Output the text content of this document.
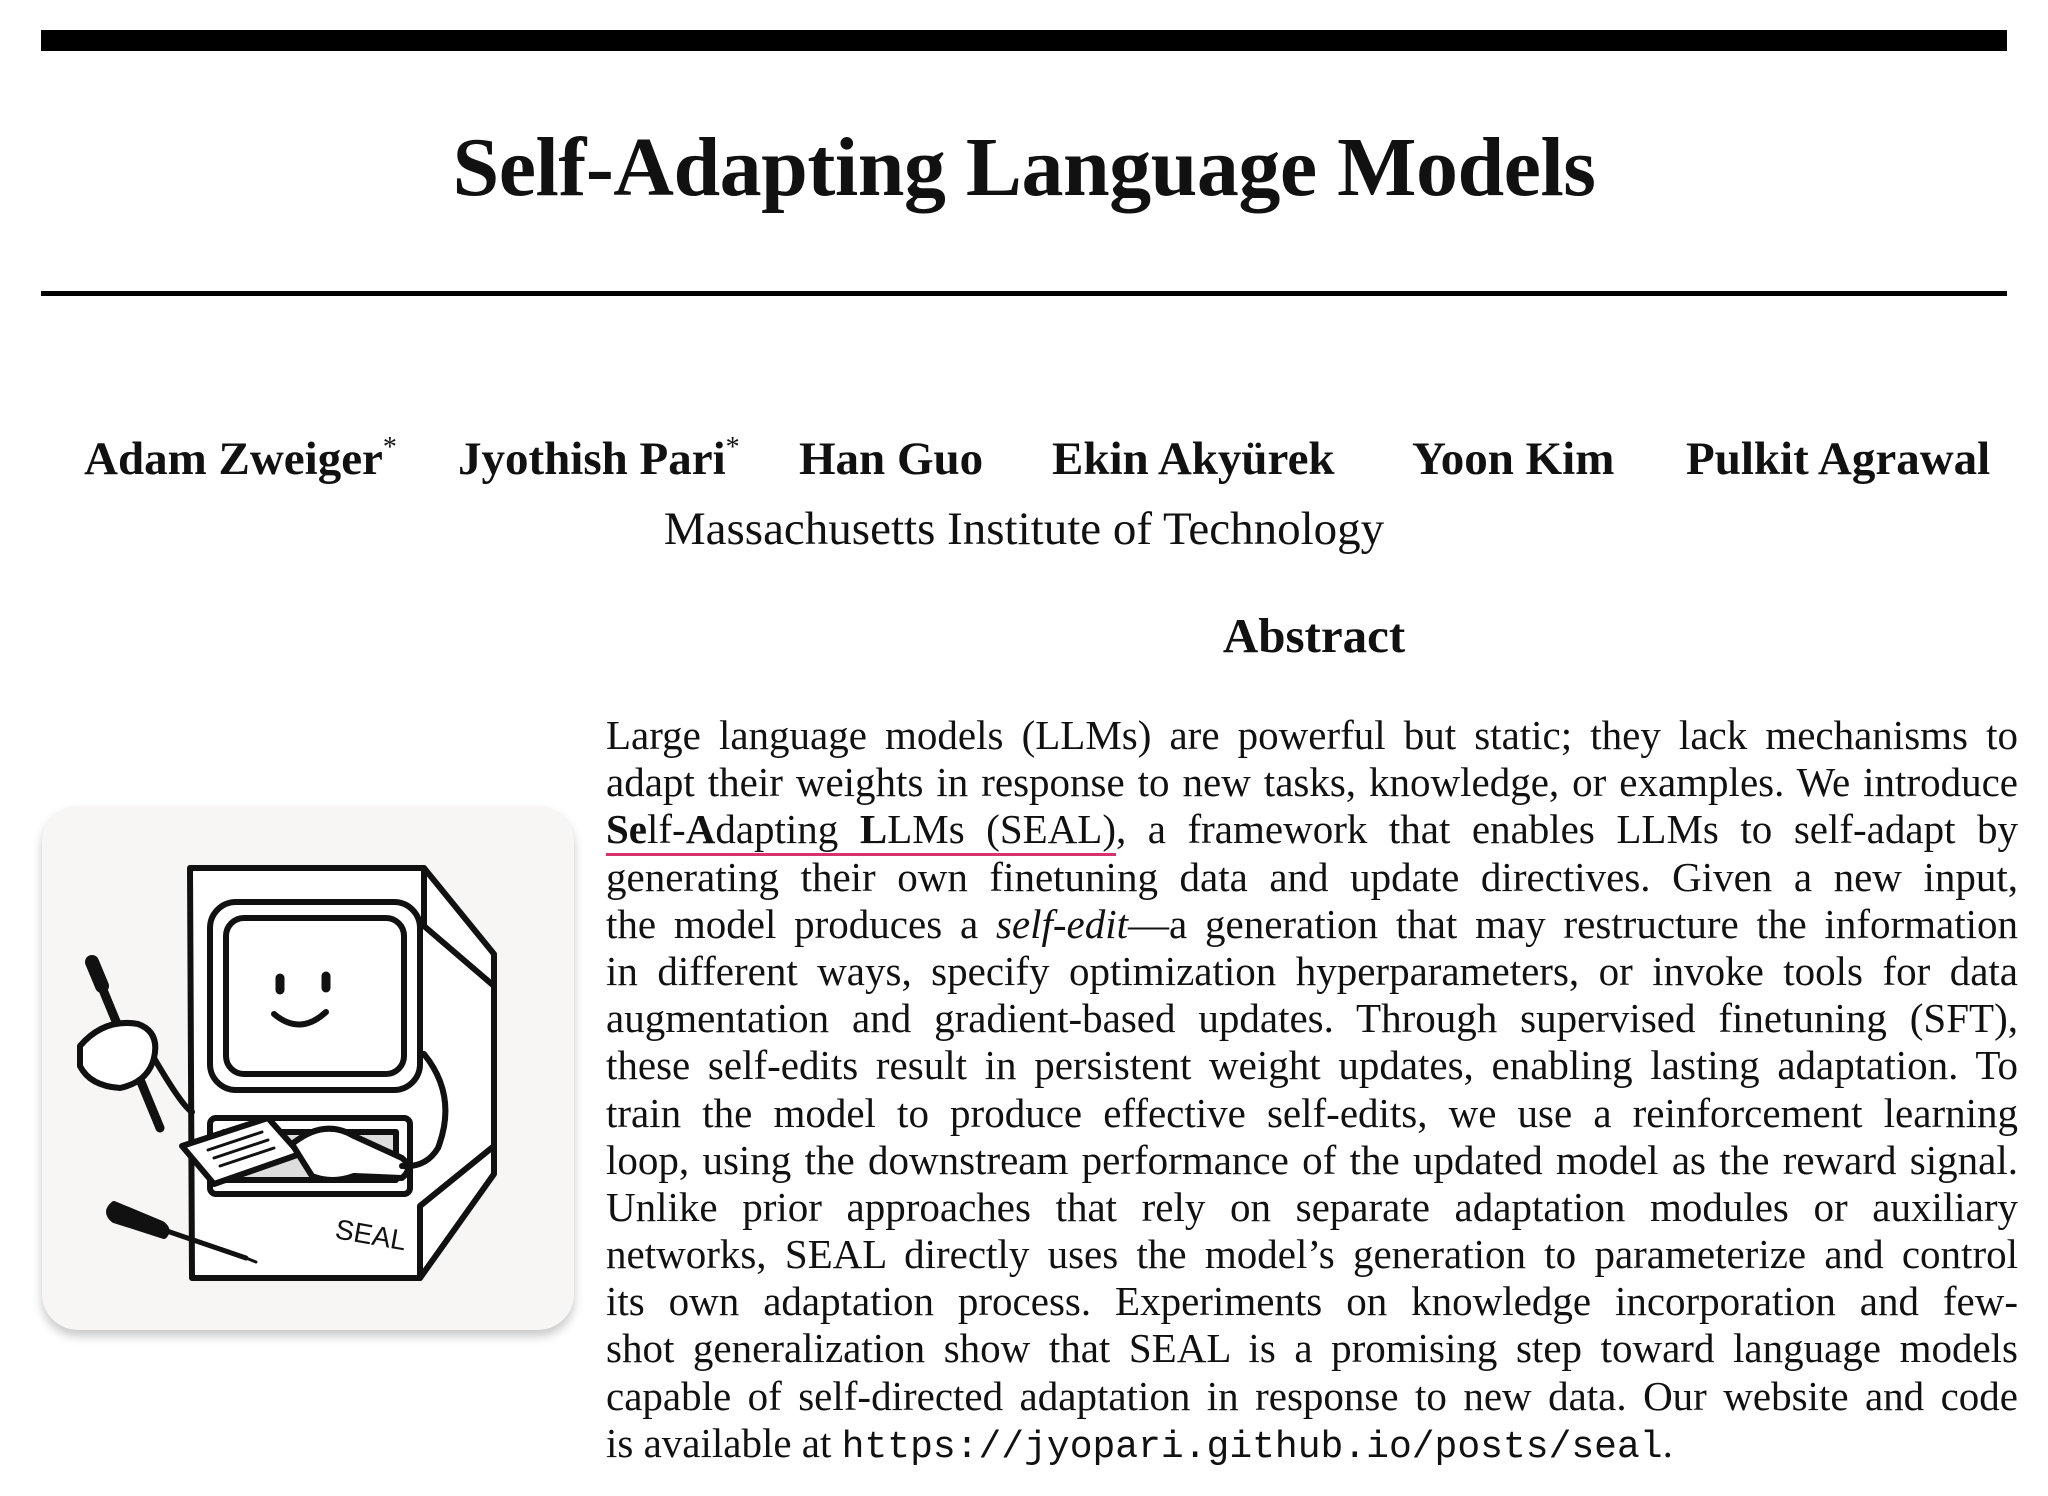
Self-Adapting Language Models
Adam Zweiger* Jyothish Pari* Han Guo Ekin Akyürek Yoon Kim Pulkit Agrawal
Massachusetts Institute of Technology
SEAL
Abstract
Large language models (LLMs) are powerful but static; they lack mechanisms to
adapt their weights in response to new tasks, knowledge, or examples. We introduce
Self-Adapting LLMs (SEAL), a framework that enables LLMs to self-adapt by
generating their own finetuning data and update directives. Given a new input,
the model produces a self-edit—a generation that may restructure the information
in different ways, specify optimization hyperparameters, or invoke tools for data
augmentation and gradient-based updates. Through supervised finetuning (SFT),
these self-edits result in persistent weight updates, enabling lasting adaptation. To
train the model to produce effective self-edits, we use a reinforcement learning
loop, using the downstream performance of the updated model as the reward signal.
Unlike prior approaches that rely on separate adaptation modules or auxiliary
networks, SEAL directly uses the model’s generation to parameterize and control
its own adaptation process. Experiments on knowledge incorporation and few-
shot generalization show that SEAL is a promising step toward language models
capable of self-directed adaptation in response to new data. Our website and code
is available at https://jyopari.github.io/posts/seal.
